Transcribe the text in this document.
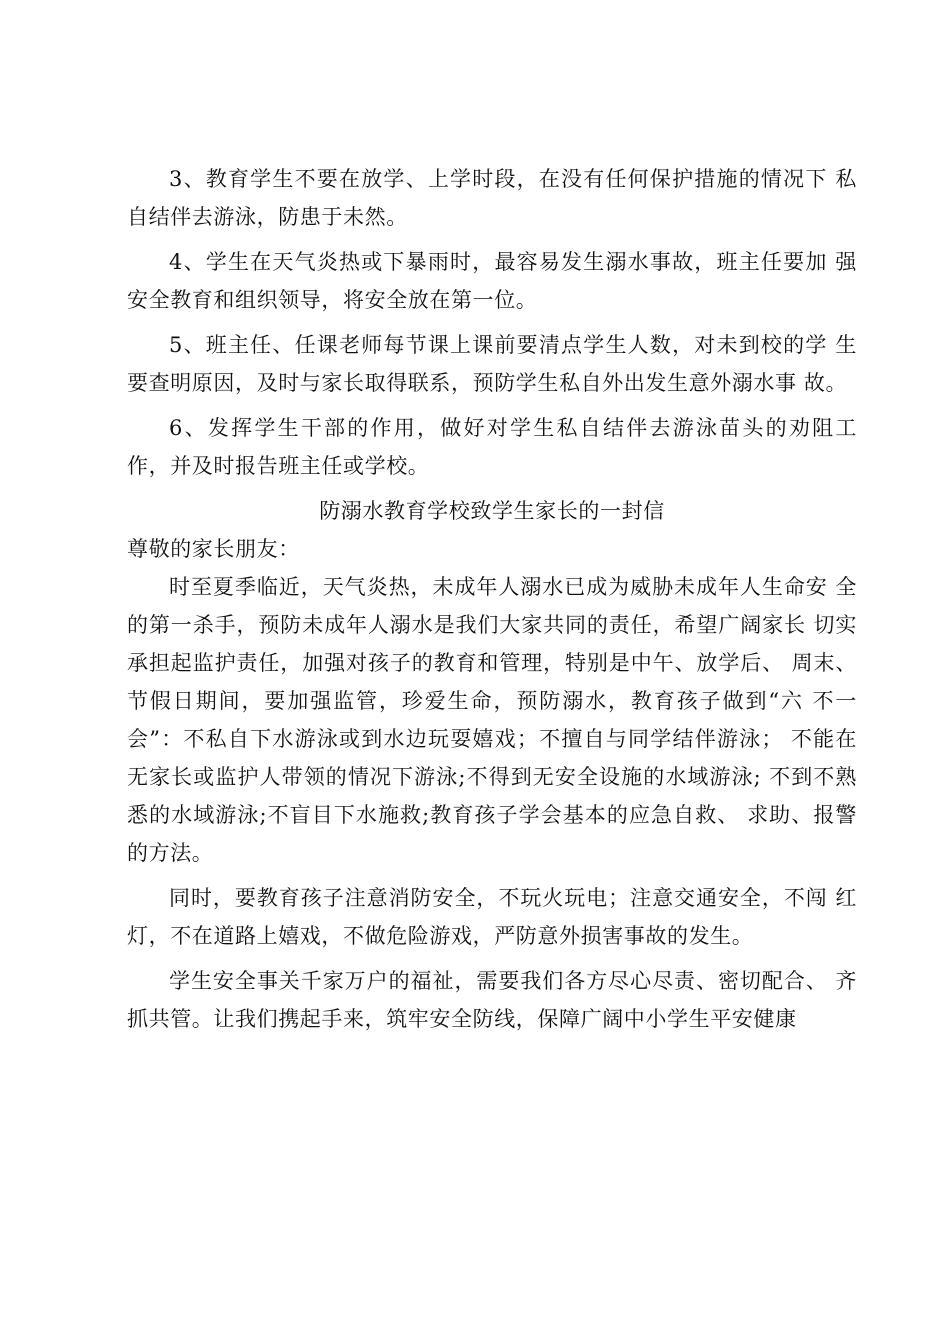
3、教育学生不要在放学、上学时段，在没有任何保护措施的情况下 私自结伴去游泳，防患于未然。

4、学生在天气炎热或下暴雨时，最容易发生溺水事故，班主任要加 强安全教育和组织领导，将安全放在第一位。

5、班主任、任课老师每节课上课前要清点学生人数，对未到校的学 生要查明原因，及时与家长取得联系，预防学生私自外出发生意外溺水事 故。

6、发挥学生干部的作用，做好对学生私自结伴去游泳苗头的劝阻工 作，并及时报告班主任或学校。

防溺水教育学校致学生家长的一封信

尊敬的家长朋友：

时至夏季临近，天气炎热，未成年人溺水已成为威胁未成年人生命安 全的第一杀手，预防未成年人溺水是我们大家共同的责任，希望广阔家长 切实承担起监护责任，加强对孩子的教育和管理，特别是中午、放学后、 周末、节假日期间，要加强监管，珍爱生命，预防溺水，教育孩子做到“六 不一会”：不私自下水游泳或到水边玩耍嬉戏；不擅自与同学结伴游泳； 不能在无家长或监护人带领的情况下游泳;不得到无安全设施的水域游泳; 不到不熟悉的水域游泳;不盲目下水施救;教育孩子学会基本的应急自救、 求助、报警的方法。

同时，要教育孩子注意消防安全，不玩火玩电；注意交通安全，不闯 红灯，不在道路上嬉戏，不做危险游戏，严防意外损害事故的发生。

学生安全事关千家万户的福祉，需要我们各方尽心尽责、密切配合、 齐抓共管。让我们携起手来，筑牢安全防线，保障广阔中小学生平安健康
